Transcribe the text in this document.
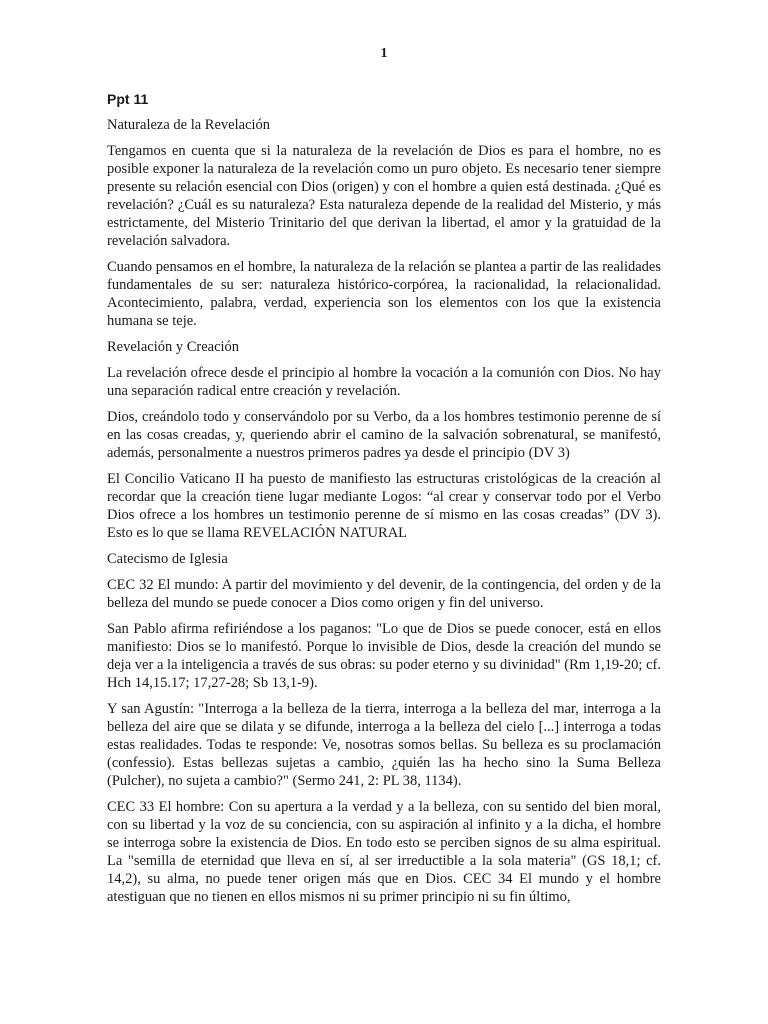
1

Ppt 11

Naturaleza de la Revelación

Tengamos en cuenta que si la naturaleza de la revelación de Dios es para el hombre, no es posible exponer la naturaleza de la revelación como un puro objeto. Es necesario tener siempre presente su relación esencial con Dios (origen) y con el hombre a quien está destinada. ¿Qué es revelación? ¿Cuál es su naturaleza? Esta naturaleza depende de la realidad del Misterio, y más estrictamente, del Misterio Trinitario del que derivan la libertad, el amor y la gratuidad de la revelación salvadora.

Cuando pensamos en el hombre, la naturaleza de la relación se plantea a partir de las realidades fundamentales de su ser: naturaleza histórico-corpórea, la racionalidad, la relacionalidad. Acontecimiento, palabra, verdad, experiencia son los elementos con los que la existencia humana se teje.

Revelación y Creación

La revelación ofrece desde el principio al hombre la vocación a la comunión con Dios. No hay una separación radical entre creación y revelación.

Dios, creándolo todo y conservándolo por su Verbo, da a los hombres testimonio perenne de sí en las cosas creadas, y, queriendo abrir el camino de la salvación sobrenatural, se manifestó, además, personalmente a nuestros primeros padres ya desde el principio (DV 3)

El Concilio Vaticano II ha puesto de manifiesto las estructuras cristológicas de la creación al recordar que la creación tiene lugar mediante Logos: “al crear y conservar todo por el Verbo Dios ofrece a los hombres un testimonio perenne de sí mismo en las cosas creadas” (DV 3). Esto es lo que se llama REVELACIÓN NATURAL

Catecismo de Iglesia

CEC 32 El mundo: A partir del movimiento y del devenir, de la contingencia, del orden y de la belleza del mundo se puede conocer a Dios como origen y fin del universo.

San Pablo afirma refiriéndose a los paganos: "Lo que de Dios se puede conocer, está en ellos manifiesto: Dios se lo manifestó. Porque lo invisible de Dios, desde la creación del mundo se deja ver a la inteligencia a través de sus obras: su poder eterno y su divinidad" (Rm 1,19-20; cf. Hch 14,15.17; 17,27-28; Sb 13,1-9).

Y san Agustín: "Interroga a la belleza de la tierra, interroga a la belleza del mar, interroga a la belleza del aire que se dilata y se difunde, interroga a la belleza del cielo [...] interroga a todas estas realidades. Todas te responde: Ve, nosotras somos bellas. Su belleza es su proclamación (confessio). Estas bellezas sujetas a cambio, ¿quién las ha hecho sino la Suma Belleza (Pulcher), no sujeta a cambio?" (Sermo 241, 2: PL 38, 1134).

CEC 33 El hombre: Con su apertura a la verdad y a la belleza, con su sentido del bien moral, con su libertad y la voz de su conciencia, con su aspiración al infinito y a la dicha, el hombre se interroga sobre la existencia de Dios. En todo esto se perciben signos de su alma espiritual. La "semilla de eternidad que lleva en sí, al ser irreductible a la sola materia" (GS 18,1; cf. 14,2), su alma, no puede tener origen más que en Dios. CEC 34 El mundo y el hombre atestiguan que no tienen en ellos mismos ni su primer principio ni su fin último,
